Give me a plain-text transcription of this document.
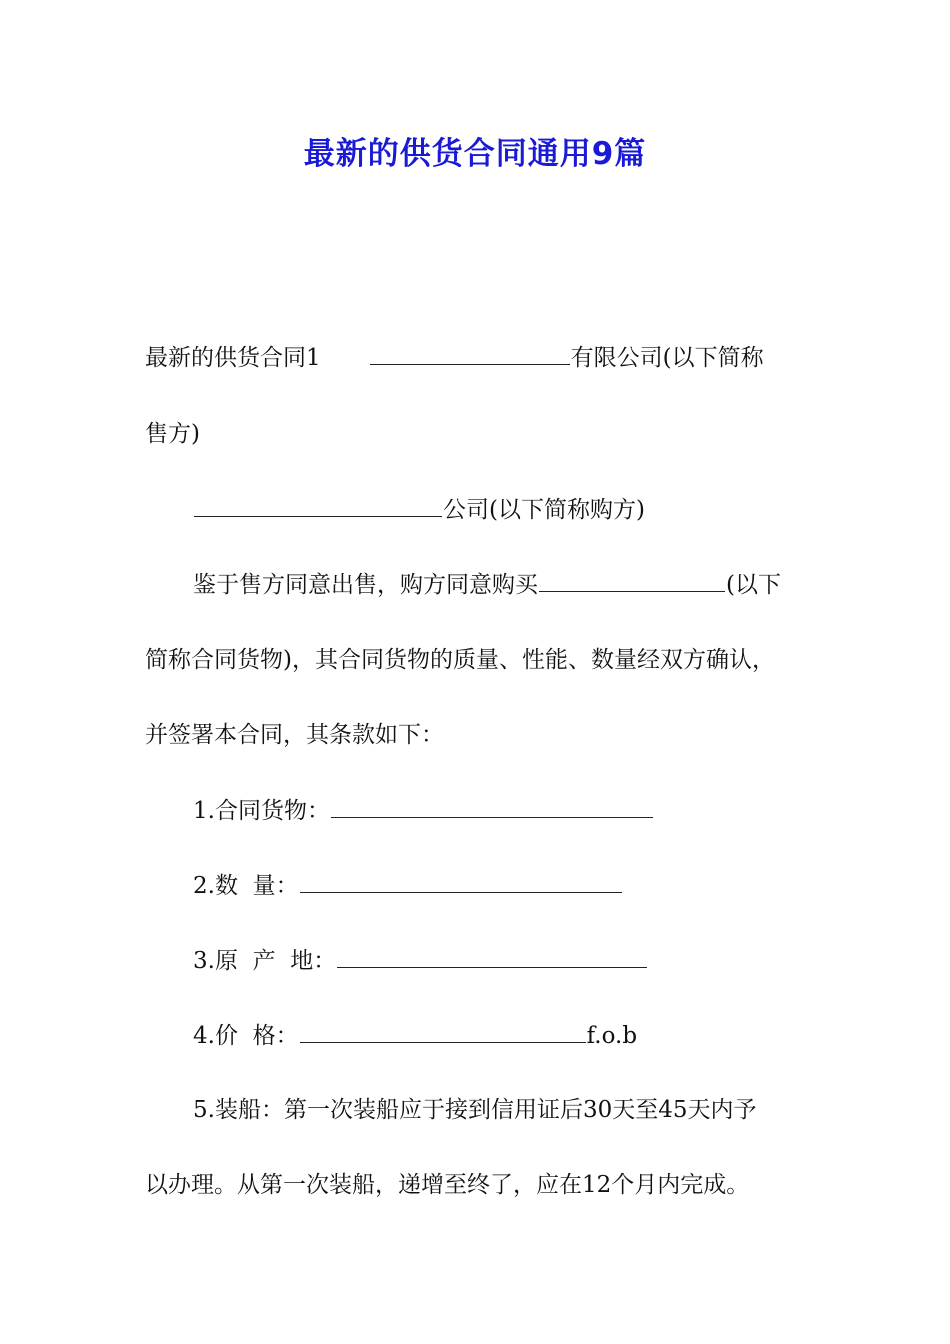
最新的供货合同通用9篇
最新的供货合同1	有限公司(以下简称
售方)
公司(以下简称购方)
鉴于售方同意出售，购方同意购买	(以下
简称合同货物)，其合同货物的质量、性能、数量经双方确认，
并签署本合同，其条款如下：
1.合同货物：
2.数  量：
3.原  产  地：
4.价  格：	f.o.b
5.装船：第一次装船应于接到信用证后30天至45天内予
以办理。从第一次装船，递增至终了，应在12个月内完成。
